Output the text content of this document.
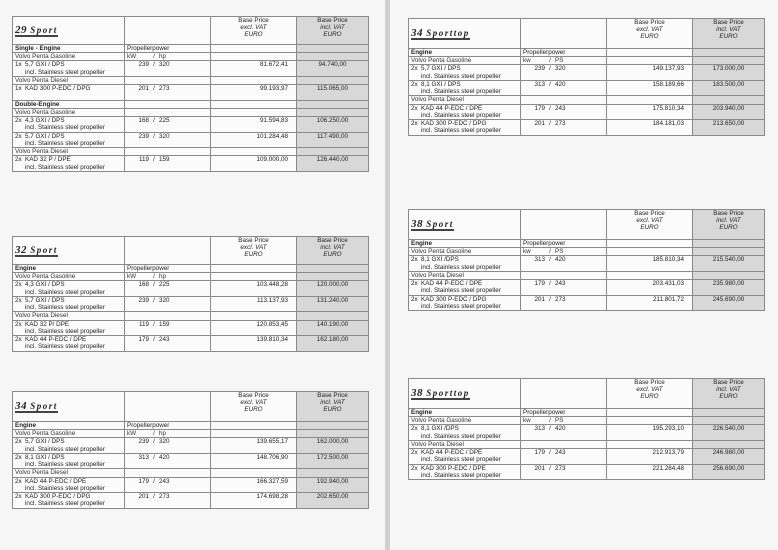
29 Sport		Base Price
excl. VAT
EURO	Base Price
incl. VAT
EURO

Single - Engine	Propellerpower		
Volvo Penta Gasoline	kW / hp		
1x 5,7 GXI / DPS
incl. Stainless steel propeller	239 / 320	81.672,41	94.740,00
Volvo Penta Diesel			
1x KAD 300 P-EDC / DPG	201 / 273	99.193,97	115.065,00
Double-Engine			
Volvo Penta Gasoline			
2x 4,3 GXI / DPS
incl. Stainless steel propeller	168 / 225	91.594,83	106.250,00
2x 5,7 GXI / DPS
incl. Stainless steel propeller	239 / 320	101.284,48	117.490,00
Volvo Penta Diesel			
2x KAD 32 P / DPE
incl. Stainless steel propeller	119 / 159	109.000,00	126.440,00
32 Sport		Base Price
excl. VAT
EURO	Base Price
incl. VAT
EURO

Engine	Propellerpower		
Volvo Penta Gasoline	kW / hp		
2x 4,3 GXI / DPS
incl. Stainless steel propeller	168 / 225	103.448,28	120.000,00
2x 5,7 GXI / DPS
incl. Stainless steel propeller	239 / 320	113.137,93	131.240,00
Volvo Penta Diesel			
2x KAD 32 P/ DPE
incl. Stainless steel propeller	119 / 159	120.853,45	140.190,00
2x KAD 44 P-EDC / DPE
incl. Stainless steel propeller	179 / 243	139.810,34	162.180,00
34 Sport		Base Price
excl. VAT
EURO	Base Price
incl. VAT
EURO

Engine	Propellerpower		
Volvo Penta Gasoline	kW / hp		
2x 5,7 GXI / DPS
incl. Stainless steel propeller	239 / 320	139.655,17	162.000,00
2x 8,1 GXI / DPS
incl. Stainless steel propeller	313 / 420	148.706,90	172.500,00
Volvo Penta Diesel			
2x KAD 44 P-EDC / DPE
incl. Stainless steel propeller	179 / 243	166.327,59	192.940,00
2x KAD 300 P-EDC / DPG
incl. Stainless steel propeller	201 / 273	174.698,28	202.650,00
34 Sporttop		Base Price
excl. VAT
EURO	Base Price
incl. VAT
EURO

Engine	Propellerpower		
Volvo Penta Gasoline	kw / PS		
2x 5,7 GXI / DPS
incl. Stainless steel propeller	239 / 320	149.137,93	173.000,00
2x 8,1 GXI / DPS
incl. Stainless steel propeller	313 / 420	158.189,66	183.500,00
Volvo Penta Diesel			
2x KAD 44 P-EDC / DPE
incl. Stainless steel propeller	179 / 243	175.810,34	203.940,00
2x KAD 300 P-EDC / DPG
incl. Stainless steel propeller	201 / 273	184.181,03	213.650,00
38 Sport		Base Price
excl. VAT
EURO	Base Price
incl. VAT
EURO

Engine	Propellerpower		
Volvo Penta Gasoline	kw / PS		
2x 8,1 GXI /DPS
incl. Stainless steel propeller	313 / 420	185.810,34	215.540,00
Volvo Penta Diesel			
2x KAD 44 P-EDC / DPE
incl. Stainless steel propeller	179 / 243	203.431,03	235.980,00
2x KAD 300 P-EDC / DPG
incl. Stainless steel propeller	201 / 273	211.801,72	245.690,00
38 Sporttop		Base Price
excl. VAT
EURO	Base Price
incl. VAT
EURO

Engine	Propellerpower		
Volvo Penta Gasoline	kw / PS		
2x 8,1 GXI /DPS
incl. Stainless steel propeller	313 / 420	195.293,10	226.540,00
Volvo Penta Diesel			
2x KAD 44 P-EDC / DPE
incl. Stainless steel propeller	179 / 243	212.913,79	246.980,00
2x KAD 300 P-EDC / DPE
incl. Stainless steel propeller	201 / 273	221.284,48	256.690,00
